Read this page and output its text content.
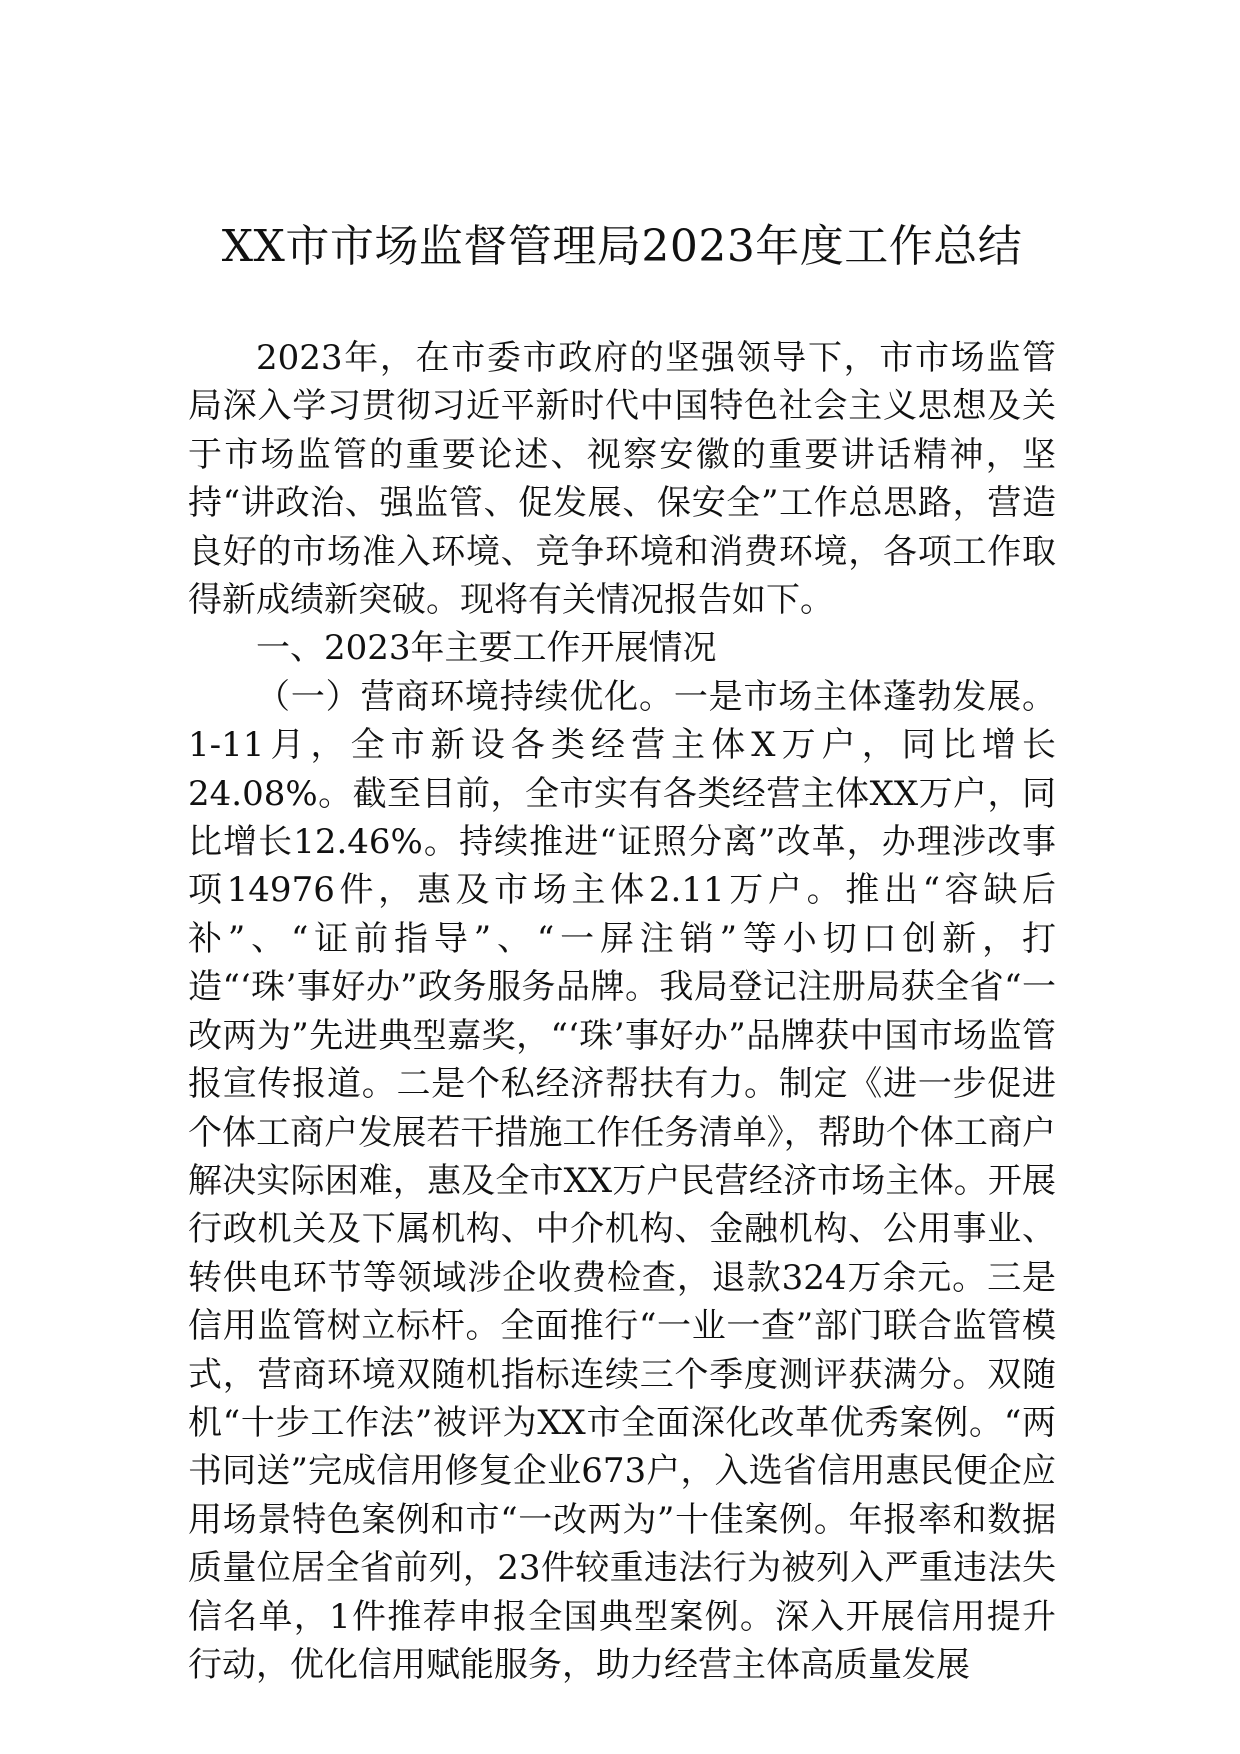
XX市市场监督管理局2023年度工作总结

2023年，在市委市政府的坚强领导下，市市场监管局深入学习贯彻习近平新时代中国特色社会主义思想及关于市场监管的重要论述、视察安徽的重要讲话精神，坚持“讲政治、强监管、促发展、保安全”工作总思路，营造良好的市场准入环境、竞争环境和消费环境，各项工作取得新成绩新突破。现将有关情况报告如下。

一、2023年主要工作开展情况

（一）营商环境持续优化。一是市场主体蓬勃发展。1-11月，全市新设各类经营主体X万户，同比增长24.08%。截至目前，全市实有各类经营主体XX万户，同比增长12.46%。持续推进“证照分离”改革，办理涉改事项14976件，惠及市场主体2.11万户。推出“容缺后补”、“证前指导”、“一屏注销”等小切口创新，打造“‘珠’事好办”政务服务品牌。我局登记注册局获全省“一改两为”先进典型嘉奖，“‘珠’事好办”品牌获中国市场监管报宣传报道。二是个私经济帮扶有力。制定《进一步促进个体工商户发展若干措施工作任务清单》，帮助个体工商户解决实际困难，惠及全市XX万户民营经济市场主体。开展行政机关及下属机构、中介机构、金融机构、公用事业、转供电环节等领域涉企收费检查，退款324万余元。三是信用监管树立标杆。全面推行“一业一查”部门联合监管模式，营商环境双随机指标连续三个季度测评获满分。双随机“十步工作法”被评为XX市全面深化改革优秀案例。“两书同送”完成信用修复企业673户，入选省信用惠民便企应用场景特色案例和市“一改两为”十佳案例。年报率和数据质量位居全省前列，23件较重违法行为被列入严重违法失信名单，1件推荐申报全国典型案例。深入开展信用提升行动，优化信用赋能服务，助力经营主体高质量发展
